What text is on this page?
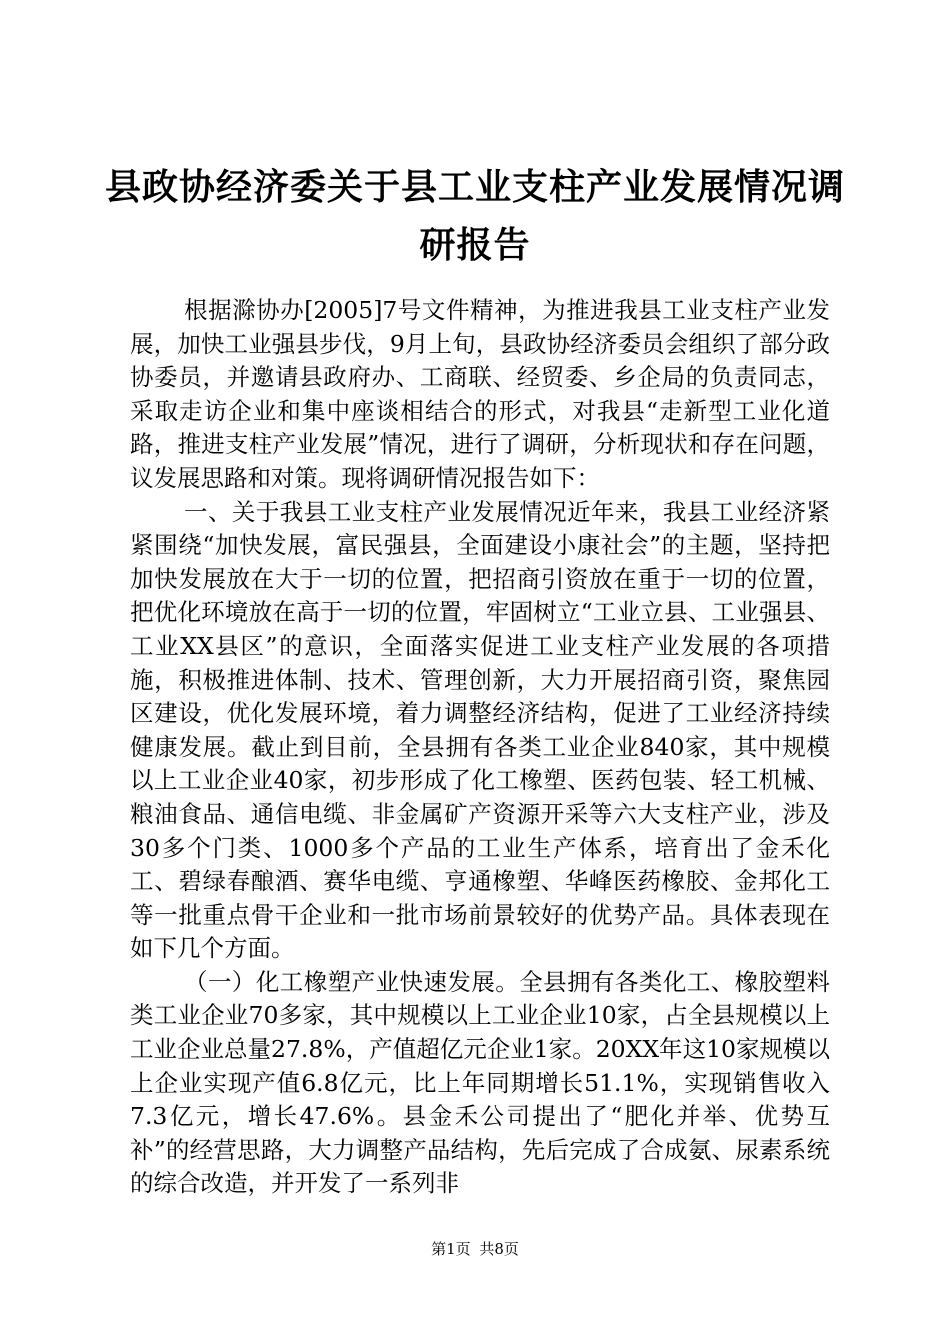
县政协经济委关于县工业支柱产业发展情况调研报告

根据滁协办[2005]7号文件精神，为推进我县工业支柱产业发展，加快工业强县步伐，9月上旬，县政协经济委员会组织了部分政协委员，并邀请县政府办、工商联、经贸委、乡企局的负责同志，采取走访企业和集中座谈相结合的形式，对我县“走新型工业化道路，推进支柱产业发展”情况，进行了调研，分析现状和存在问题，议发展思路和对策。现将调研情况报告如下：

一、关于我县工业支柱产业发展情况近年来，我县工业经济紧紧围绕“加快发展，富民强县，全面建设小康社会”的主题，坚持把加快发展放在大于一切的位置，把招商引资放在重于一切的位置，把优化环境放在高于一切的位置，牢固树立“工业立县、工业强县、工业XX县区”的意识，全面落实促进工业支柱产业发展的各项措施，积极推进体制、技术、管理创新，大力开展招商引资，聚焦园区建设，优化发展环境，着力调整经济结构，促进了工业经济持续健康发展。截止到目前，全县拥有各类工业企业840家，其中规模以上工业企业40家，初步形成了化工橡塑、医药包装、轻工机械、粮油食品、通信电缆、非金属矿产资源开采等六大支柱产业，涉及30多个门类、1000多个产品的工业生产体系，培育出了金禾化工、碧绿春酿酒、赛华电缆、亨通橡塑、华峰医药橡胶、金邦化工等一批重点骨干企业和一批市场前景较好的优势产品。具体表现在如下几个方面。

（一）化工橡塑产业快速发展。全县拥有各类化工、橡胶塑料类工业企业70多家，其中规模以上工业企业10家，占全县规模以上工业企业总量27.8%，产值超亿元企业1家。20XX年这10家规模以上企业实现产值6.8亿元，比上年同期增长51.1%，实现销售收入7.3亿元，增长47.6%。县金禾公司提出了“肥化并举、优势互补”的经营思路，大力调整产品结构，先后完成了合成氨、尿素系统的综合改造，并开发了一系列非

第1页 共8页
